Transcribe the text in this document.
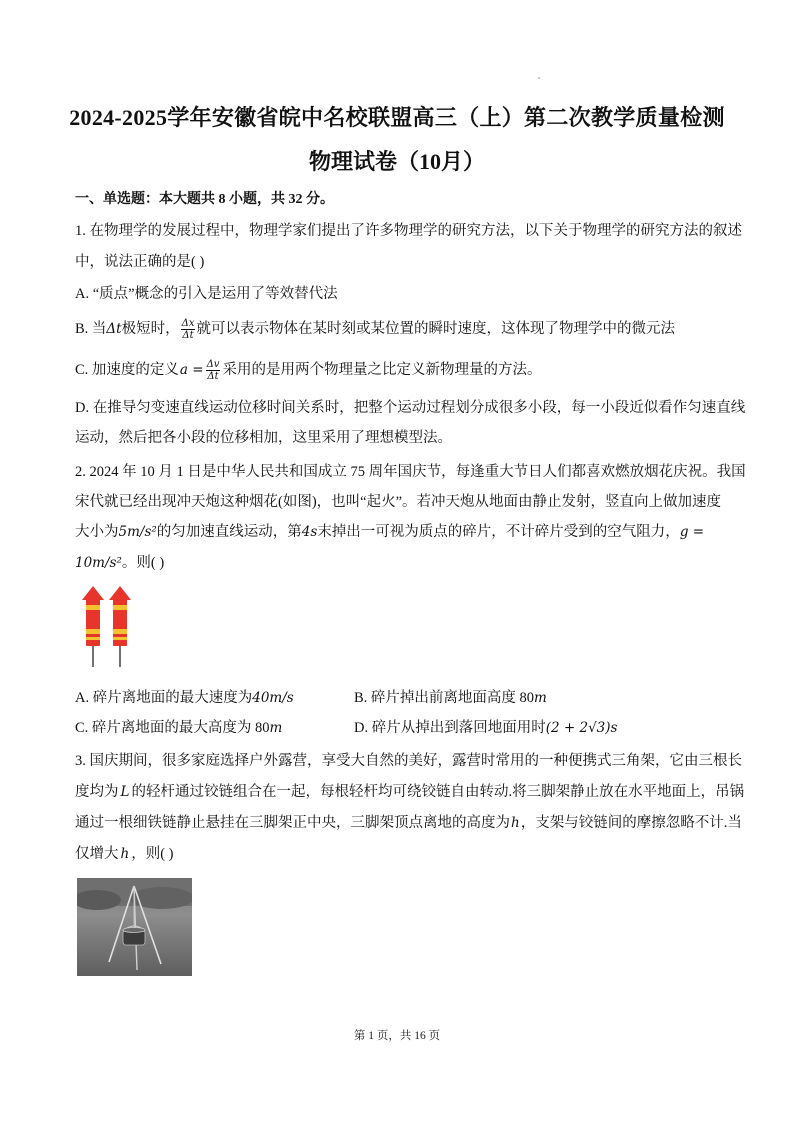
2024-2025学年安徽省皖中名校联盟高三（上）第二次教学质量检测
物理试卷（10月）
一、单选题：本大题共 8 小题，共 32 分。
1. 在物理学的发展过程中，物理学家们提出了许多物理学的研究方法，以下关于物理学的研究方法的叙述
中，说法正确的是( )
A. “质点”概念的引入是运用了等效替代法
B. 当Δt极短时， $\frac{\Delta x}{\Delta t}$ 就可以表示物体在某时刻或某位置的瞬时速度，这体现了物理学中的微元法
C. 加速度的定义$a = \frac{\Delta v}{\Delta t}$ 采用的是用两个物理量之比定义新物理量的方法。
D. 在推导匀变速直线运动位移时间关系时，把整个运动过程划分成很多小段，每一小段近似看作匀速直线
运动，然后把各小段的位移相加，这里采用了理想模型法。
2. 2024 年 10 月 1 日是中华人民共和国成立 75 周年国庆节，每逢重大节日人们都喜欢燃放烟花庆祝。我国
宋代就已经出现冲天炮这种烟花(如图)，也叫“起火”。若冲天炮从地面由静止发射，竖直向上做加速度
大小为5m/s²的匀加速直线运动，第4s末掉出一可视为质点的碎片，不计碎片受到的空气阻力，g =
10m/s²。则( )
A. 碎片离地面的最大速度为40m/s	B. 碎片掉出前离地面高度 80m
C. 碎片离地面的最大高度为 80m	D. 碎片从掉出到落回地面用时(2 + 2√3)s
3. 国庆期间，很多家庭选择户外露营，享受大自然的美好，露营时常用的一种便携式三角架，它由三根长
度均为 L 的轻杆通过铰链组合在一起，每根轻杆均可绕铰链自由转动.将三脚架静止放在水平地面上，吊锅
通过一根细铁链静止悬挂在三脚架正中央，三脚架顶点离地的高度为h，支架与铰链间的摩擦忽略不计.当
仅增大 h ，则( )
第 1 页，共 16 页
